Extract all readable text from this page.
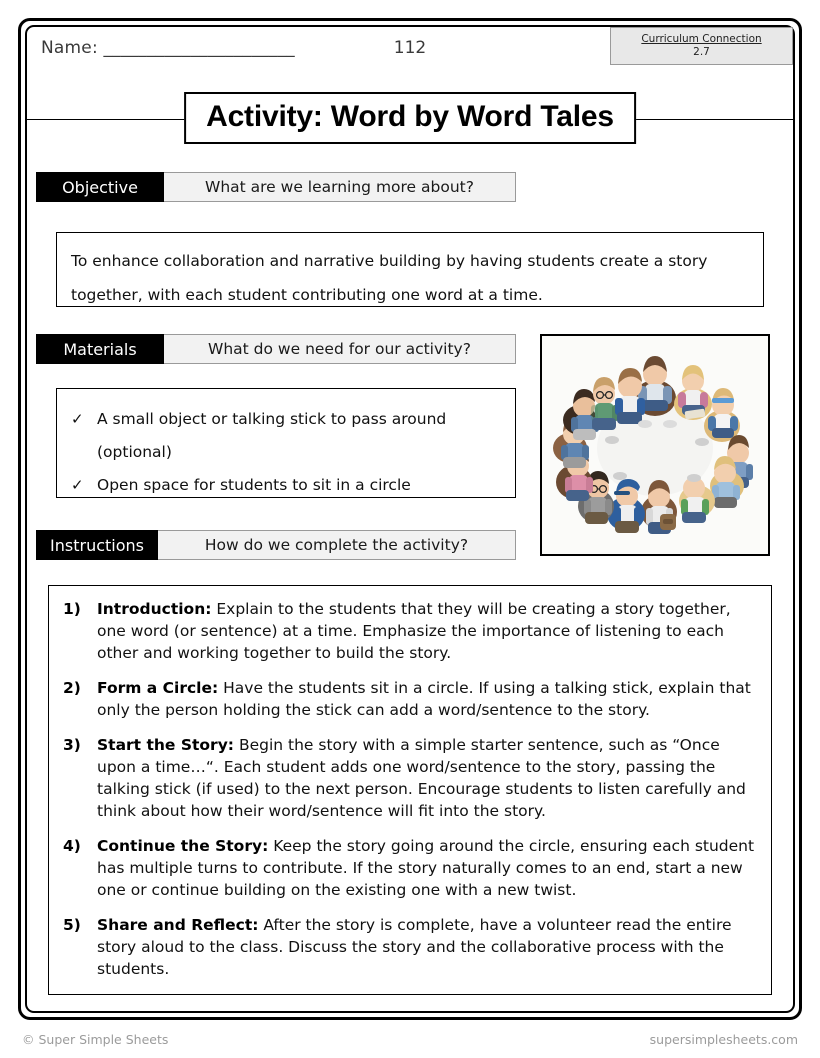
Name: ______________________	112	Curriculum Connection
2.7
Activity: Word by Word Tales
Objective	What are we learning more about?
To enhance collaboration and narrative building by having students create a story together, with each student contributing one word at a time.
Materials	What do we need for our activity?
✓ A small object or talking stick to pass around (optional)
✓ Open space for students to sit in a circle
Instructions	How do we complete the activity?
1)	Introduction: Explain to the students that they will be creating a story together, one word (or sentence) at a time. Emphasize the importance of listening to each other and working together to build the story.
2)	Form a Circle: Have the students sit in a circle. If using a talking stick, explain that only the person holding the stick can add a word/sentence to the story.
3)	Start the Story: Begin the story with a simple starter sentence, such as “Once upon a time…“. Each student adds one word/sentence to the story, passing the talking stick (if used) to the next person. Encourage students to listen carefully and think about how their word/sentence will fit into the story.
4)	Continue the Story: Keep the story going around the circle, ensuring each student has multiple turns to contribute. If the story naturally comes to an end, start a new one or continue building on the existing one with a new twist.
5)	Share and Reflect: After the story is complete, have a volunteer read the entire story aloud to the class. Discuss the story and the collaborative process with the students.
© Super Simple Sheets	supersimplesheets.com
